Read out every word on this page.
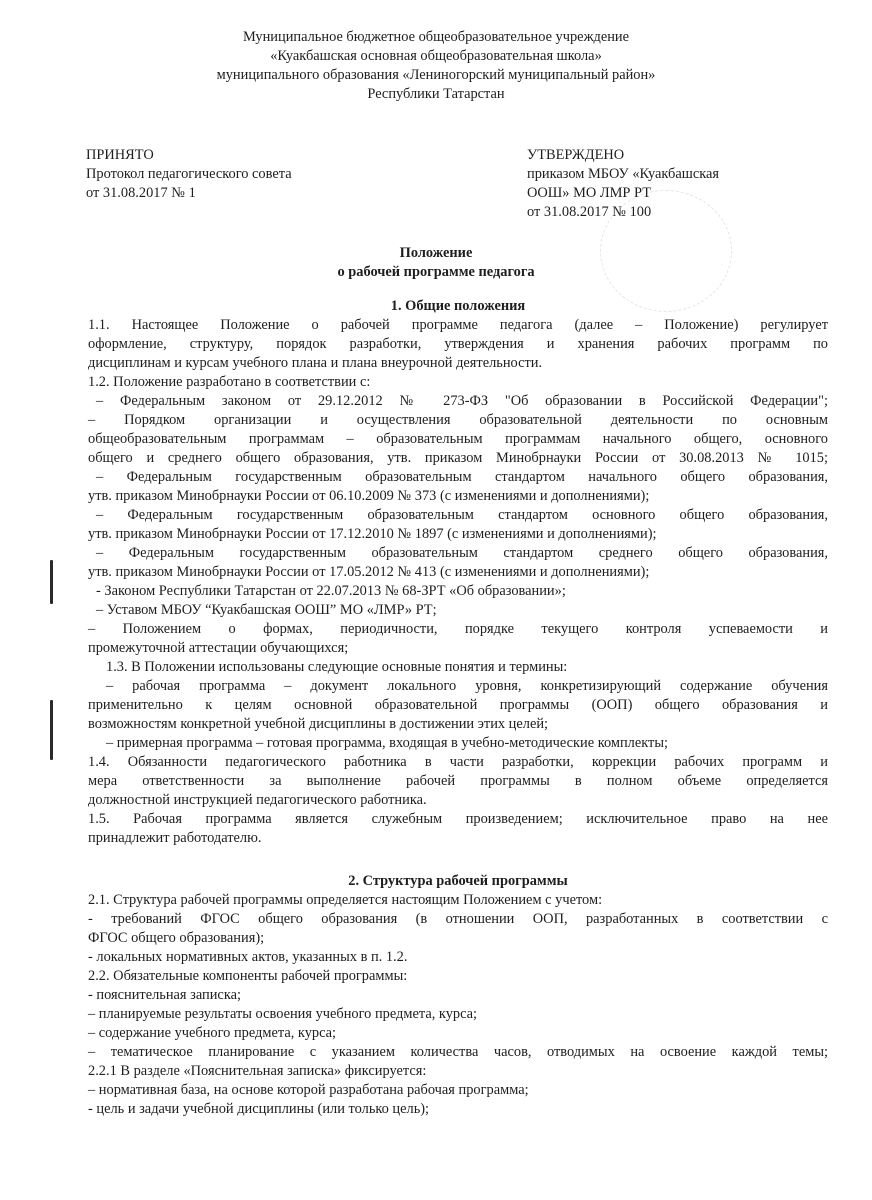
Муниципальное бюджетное общеобразовательное учреждение
«Куакбашская основная общеобразовательная школа»
муниципального образования «Лениногорский муниципальный район»
Республики Татарстан
ПРИНЯТО
Протокол педагогического совета
от 31.08.2017 № 1
УТВЕРЖДЕНО
приказом МБОУ «Куакбашская
ООШ» МО ЛМР РТ
от 31.08.2017 № 100
Положение
о рабочей программе педагога
1. Общие положения
1.1. Настоящее Положение о рабочей программе педагога (далее – Положение) регулирует
оформление, структуру, порядок разработки, утверждения и хранения рабочих программ по
дисциплинам и курсам учебного плана и плана внеурочной деятельности.
1.2. Положение разработано в соответствии с:
– Федеральным законом от 29.12.2012 № 273-ФЗ "Об образовании в Российской Федерации";
– Порядком организации и осуществления образовательной деятельности по основным
общеобразовательным программам – образовательным программам начального общего, основного
общего и среднего общего образования, утв. приказом Минобрнауки России от 30.08.2013 № 1015;
– Федеральным государственным образовательным стандартом начального общего образования,
утв. приказом Минобрнауки России от 06.10.2009 № 373 (с изменениями и дополнениями);
– Федеральным государственным образовательным стандартом основного общего образования,
утв. приказом Минобрнауки России от 17.12.2010 № 1897 (с изменениями и дополнениями);
– Федеральным государственным образовательным стандартом среднего общего образования,
утв. приказом Минобрнауки России от 17.05.2012 № 413 (с изменениями и дополнениями);
- Законом Республики Татарстан от 22.07.2013 № 68-ЗРТ «Об образовании»;
– Уставом МБОУ “Куакбашская ООШ” МО «ЛМР» РТ;
– Положением о формах, периодичности, порядке текущего контроля успеваемости и
промежуточной аттестации обучающихся;
1.3. В Положении использованы следующие основные понятия и термины:
– рабочая программа – документ локального уровня, конкретизирующий содержание обучения
применительно к целям основной образовательной программы (ООП) общего образования и
возможностям конкретной учебной дисциплины в достижении этих целей;
– примерная программа – готовая программа, входящая в учебно-методические комплекты;
1.4. Обязанности педагогического работника в части разработки, коррекции рабочих программ и
мера ответственности за выполнение рабочей программы в полном объеме определяется
должностной инструкцией педагогического работника.
1.5. Рабочая программа является служебным произведением; исключительное право на нее
принадлежит работодателю.
2. Структура рабочей программы
2.1. Структура рабочей программы определяется настоящим Положением с учетом:
- требований ФГОС общего образования (в отношении ООП, разработанных в соответствии с
ФГОС общего образования);
- локальных нормативных актов, указанных в п. 1.2.
2.2. Обязательные компоненты рабочей программы:
- пояснительная записка;
– планируемые результаты освоения учебного предмета, курса;
– содержание учебного предмета, курса;
– тематическое планирование с указанием количества часов, отводимых на освоение каждой темы;
2.2.1 В разделе «Пояснительная записка» фиксируется:
– нормативная база, на основе которой разработана рабочая программа;
- цель и задачи учебной дисциплины (или только цель);
